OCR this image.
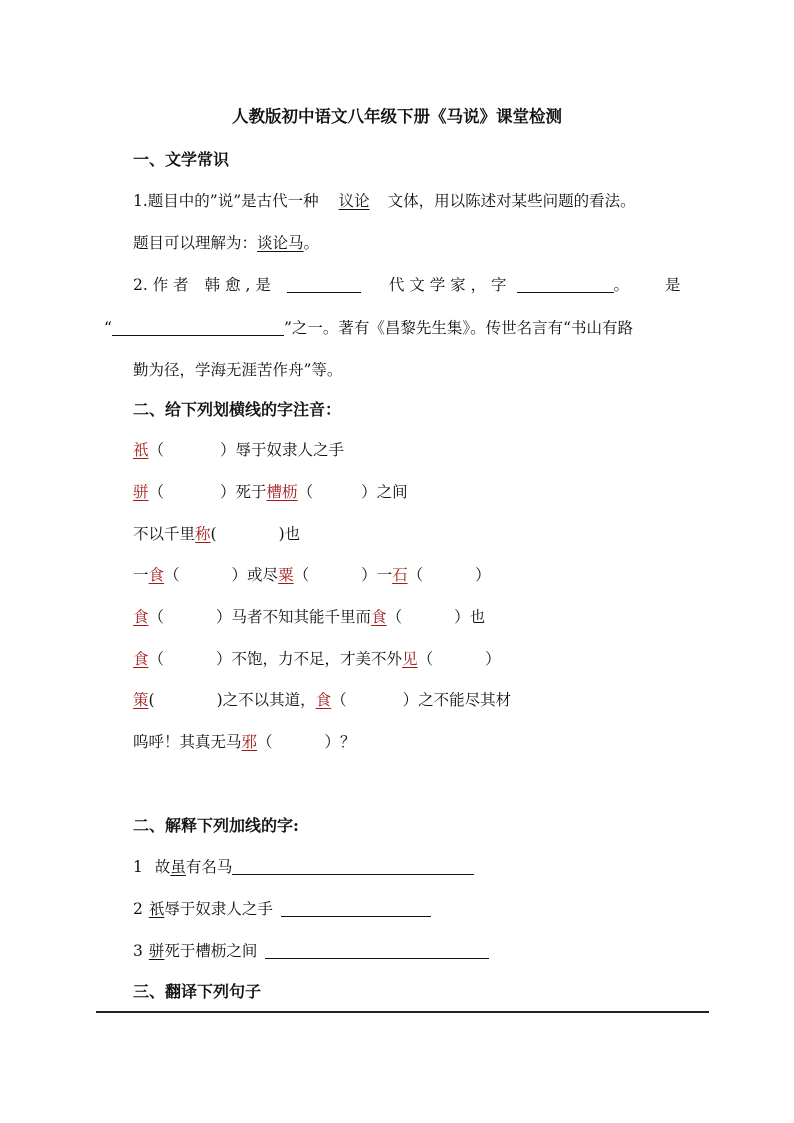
人教版初中语文八年级下册《马说》课堂检测
一、文学常识
1.题目中的”说”是古代一种 议论 文体，用以陈述对某些问题的看法。
题目可以理解为：谈论马。
2. 作 者 韩 愈 , 是	代 文 学 家 ， 字	。 是
“	”之一。著有《昌黎先生集》。传世名言有“书山有路
勤为径，学海无涯苦作舟”等。
二、给下列划横线的字注音：
祇（	）辱于奴隶人之手
骈（	）死于槽枥（	）之间
不以千里称(	)也
一食（	）或尽粟（	）一石（	）
食（	）马者不知其能千里而食（	）也
食（	）不饱，力不足，才美不外见（	）
策(	)之不以其道，食（	）之不能尽其材
呜呼！其真无马邪（	）？
二、解释下列加线的字:
1 故虽有名马
2 祇辱于奴隶人之手
3 骈死于槽枥之间
三、翻译下列句子
